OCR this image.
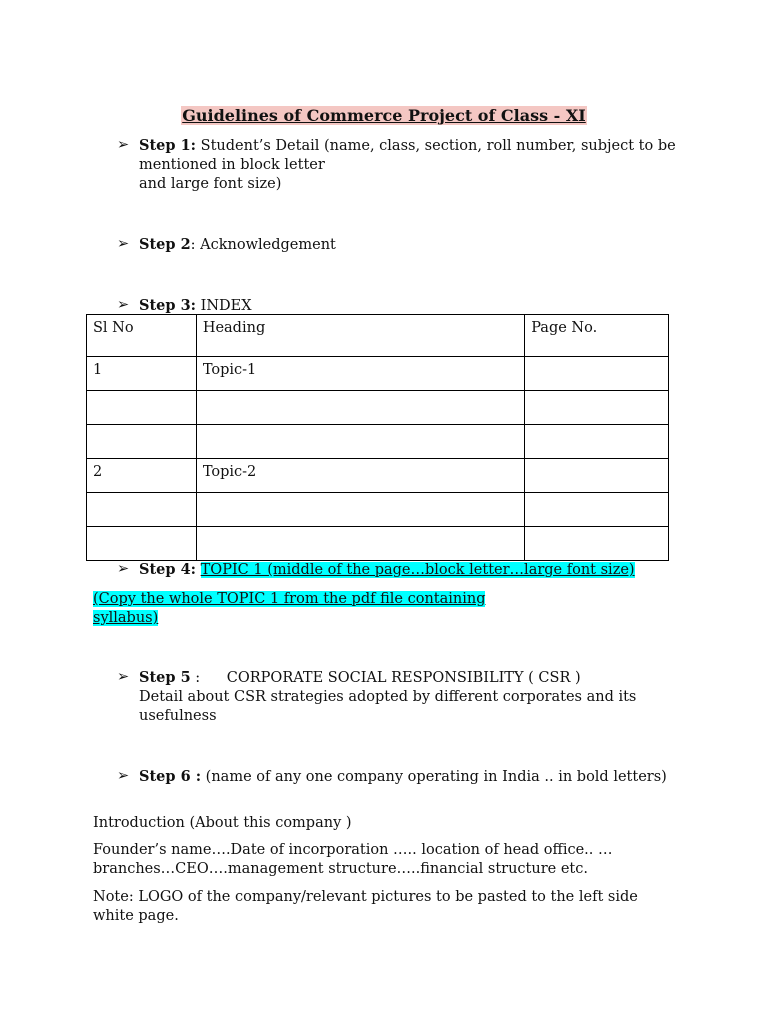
Guidelines of Commerce Project of Class - XI
➢ Step 1: Student’s Detail (name, class, section, roll number, subject to be mentioned in block letter
and large font size)
➢ Step 2: Acknowledgement
➢ Step 3: INDEX
Sl No	Heading	Page No.
1	Topic-1	

2	Topic-2	

➢ Step 4: TOPIC 1 (middle of the page…block letter…large font size)
(Copy the whole TOPIC 1 from the pdf file containing
syllabus)
➢ Step 5 : CORPORATE SOCIAL RESPONSIBILITY ( CSR )
Detail about CSR strategies adopted by different corporates and its usefulness
➢ Step 6 : (name of any one company operating in India .. in bold letters)
Introduction (About this company )
Founder’s name….Date of incorporation ….. location of head office.. … branches…CEO….management structure…..financial structure etc.
Note: LOGO of the company/relevant pictures to be pasted to the left side white page.
